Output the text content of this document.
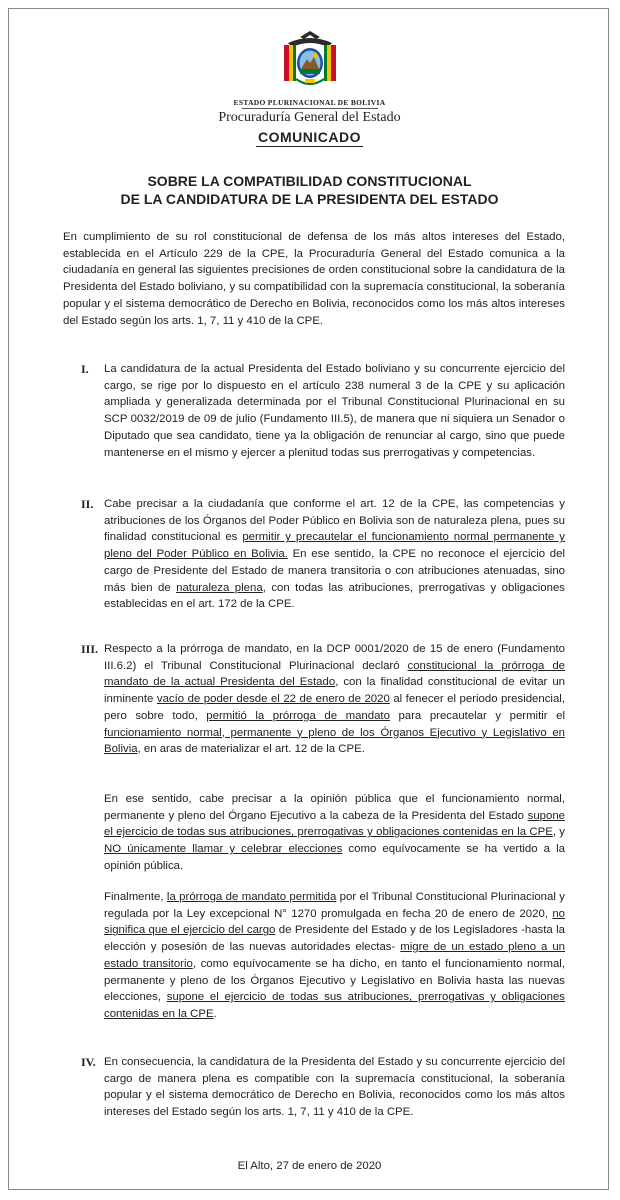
ESTADO PLURINACIONAL DE BOLIVIA
Procuraduría General del Estado
COMUNICADO
SOBRE LA COMPATIBILIDAD CONSTITUCIONAL
DE LA CANDIDATURA DE LA PRESIDENTA DEL ESTADO
En cumplimiento de su rol constitucional de defensa de los más altos intereses del Estado, establecida en el Artículo 229 de la CPE, la Procuraduría General del Estado comunica a la ciudadanía en general las siguientes precisiones de orden constitucional sobre la candidatura de la Presidenta del Estado boliviano, y su compatibilidad con la supremacía constitucional, la soberanía popular y el sistema democrático de Derecho en Bolivia, reconocidos como los más altos intereses del Estado según los arts. 1, 7, 11 y 410 de la CPE.
I. La candidatura de la actual Presidenta del Estado boliviano y su concurrente ejercicio del cargo, se rige por lo dispuesto en el artículo 238 numeral 3 de la CPE y su aplicación ampliada y generalizada determinada por el Tribunal Constitucional Plurinacional en su SCP 0032/2019 de 09 de julio (Fundamento III.5), de manera que ni siquiera un Senador o Diputado que sea candidato, tiene ya la obligación de renunciar al cargo, sino que puede mantenerse en el mismo y ejercer a plenitud todas sus prerrogativas y competencias.
II. Cabe precisar a la ciudadanía que conforme el art. 12 de la CPE, las competencias y atribuciones de los Órganos del Poder Público en Bolivia son de naturaleza plena, pues su finalidad constitucional es permitir y precautelar el funcionamiento normal permanente y pleno del Poder Público en Bolivia. En ese sentido, la CPE no reconoce el ejercicio del cargo de Presidente del Estado de manera transitoria o con atribuciones atenuadas, sino más bien de naturaleza plena, con todas las atribuciones, prerrogativas y obligaciones establecidas en el art. 172 de la CPE.
III. Respecto a la prórroga de mandato, en la DCP 0001/2020 de 15 de enero (Fundamento III.6.2) el Tribunal Constitucional Plurinacional declaró constitucional la prórroga de mandato de la actual Presidenta del Estado, con la finalidad constitucional de evitar un inminente vacío de poder desde el 22 de enero de 2020 al fenecer el periodo presidencial, pero sobre todo, permitió la prórroga de mandato para precautelar y permitir el funcionamiento normal, permanente y pleno de los Órganos Ejecutivo y Legislativo en Bolivia, en aras de materializar el art. 12 de la CPE.
En ese sentido, cabe precisar a la opinión pública que el funcionamiento normal, permanente y pleno del Órgano Ejecutivo a la cabeza de la Presidenta del Estado supone el ejercicio de todas sus atribuciones, prerrogativas y obligaciones contenidas en la CPE, y NO únicamente llamar y celebrar elecciones como equívocamente se ha vertido a la opinión pública.
Finalmente, la prórroga de mandato permitida por el Tribunal Constitucional Plurinacional y regulada por la Ley excepcional N° 1270 promulgada en fecha 20 de enero de 2020, no significa que el ejercicio del cargo de Presidente del Estado y de los Legisladores -hasta la elección y posesión de las nuevas autoridades electas- migre de un estado pleno a un estado transitorio, como equívocamente se ha dicho, en tanto el funcionamiento normal, permanente y pleno de los Órganos Ejecutivo y Legislativo en Bolivia hasta las nuevas elecciones, supone el ejercicio de todas sus atribuciones, prerrogativas y obligaciones contenidas en la CPE.
IV. En consecuencia, la candidatura de la Presidenta del Estado y su concurrente ejercicio del cargo de manera plena es compatible con la supremacía constitucional, la soberanía popular y el sistema democrático de Derecho en Bolivia, reconocidos como los más altos intereses del Estado según los arts. 1, 7, 11 y 410 de la CPE.
El Alto, 27 de enero de 2020
